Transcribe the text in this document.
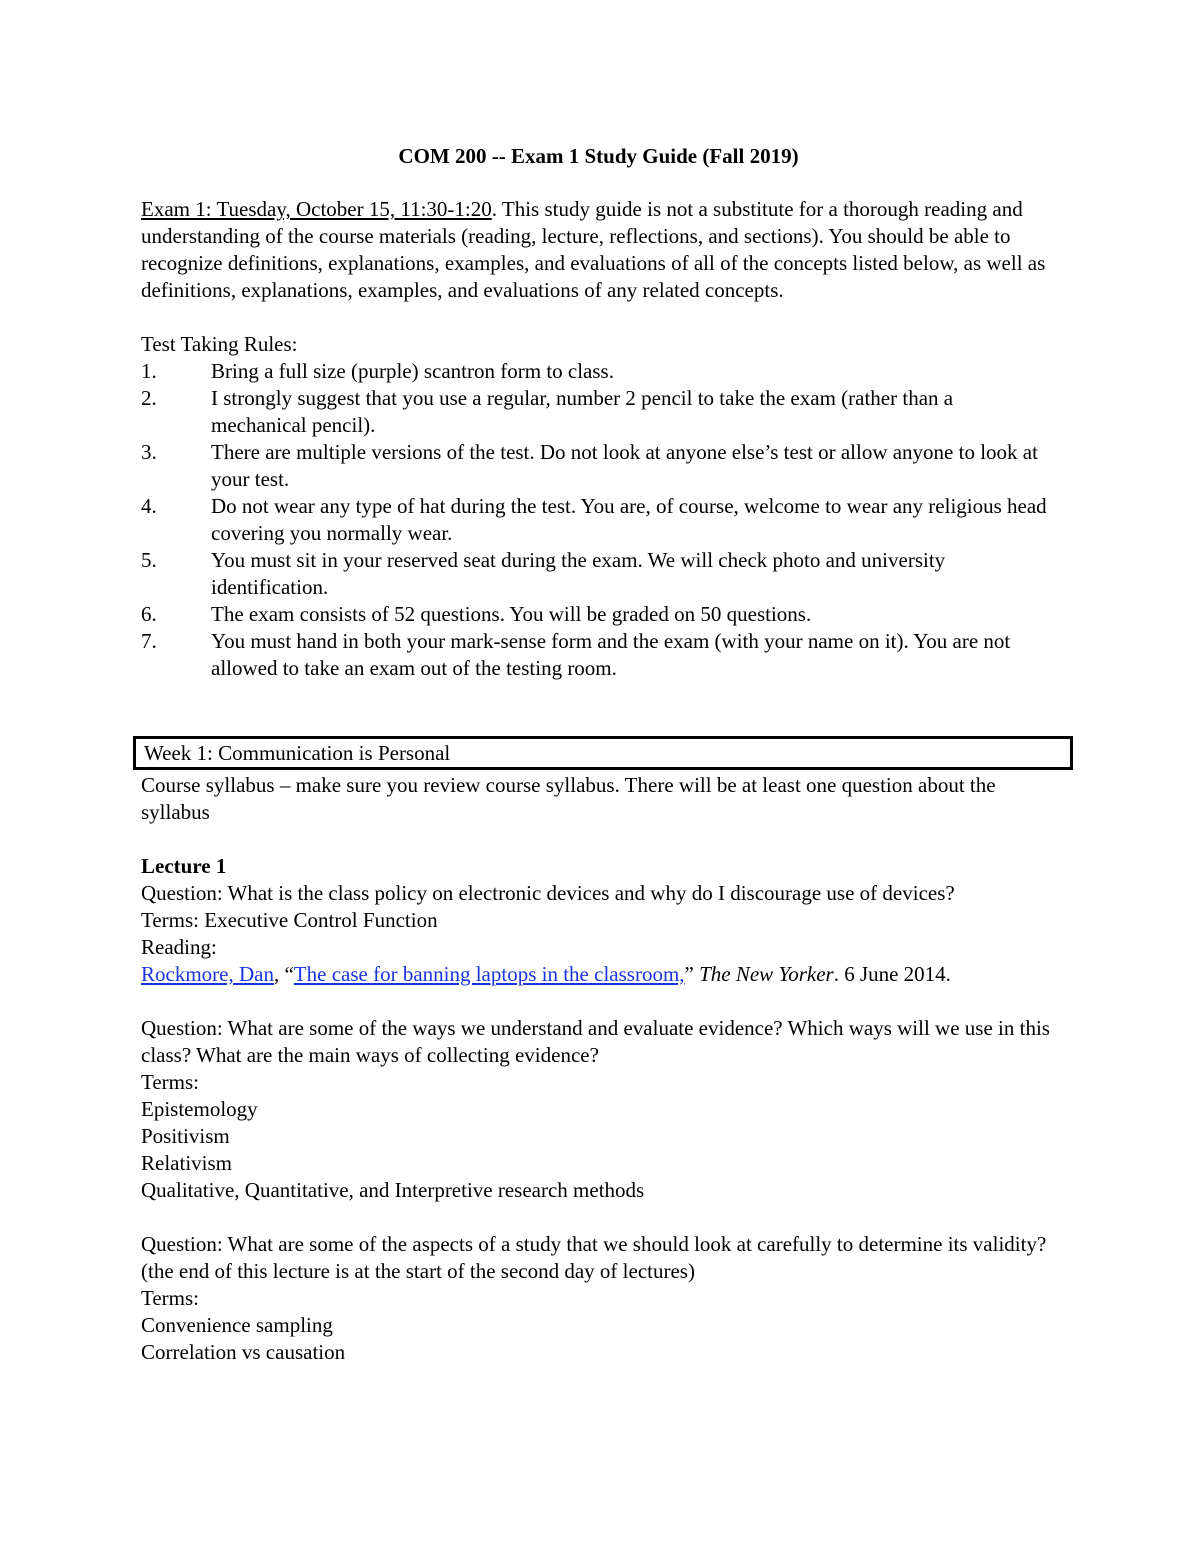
COM 200 -- Exam 1 Study Guide (Fall 2019)

Exam 1: Tuesday, October 15, 11:30-1:20. This study guide is not a substitute for a thorough reading and understanding of the course materials (reading, lecture, reflections, and sections). You should be able to recognize definitions, explanations, examples, and evaluations of all of the concepts listed below, as well as definitions, explanations, examples, and evaluations of any related concepts.

Test Taking Rules:

1.	Bring a full size (purple) scantron form to class.
2.	I strongly suggest that you use a regular, number 2 pencil to take the exam (rather than a mechanical pencil).
3.	There are multiple versions of the test. Do not look at anyone else’s test or allow anyone to look at your test.
4.	Do not wear any type of hat during the test. You are, of course, welcome to wear any religious head covering you normally wear.
5.	You must sit in your reserved seat during the exam. We will check photo and university identification.
6.	The exam consists of 52 questions. You will be graded on 50 questions.
7.	You must hand in both your mark-sense form and the exam (with your name on it). You are not allowed to take an exam out of the testing room.
Week 1: Communication is Personal

Course syllabus – make sure you review course syllabus. There will be at least one question about the syllabus

Lecture 1

Question: What is the class policy on electronic devices and why do I discourage use of devices?

Terms: Executive Control Function

Reading:

Rockmore, Dan, “The case for banning laptops in the classroom,” The New Yorker. 6 June 2014.

Question: What are some of the ways we understand and evaluate evidence? Which ways will we use in this class? What are the main ways of collecting evidence?

Terms:

Epistemology

Positivism

Relativism

Qualitative, Quantitative, and Interpretive research methods

Question: What are some of the aspects of a study that we should look at carefully to determine its validity? (the end of this lecture is at the start of the second day of lectures)

Terms:

Convenience sampling

Correlation vs causation
